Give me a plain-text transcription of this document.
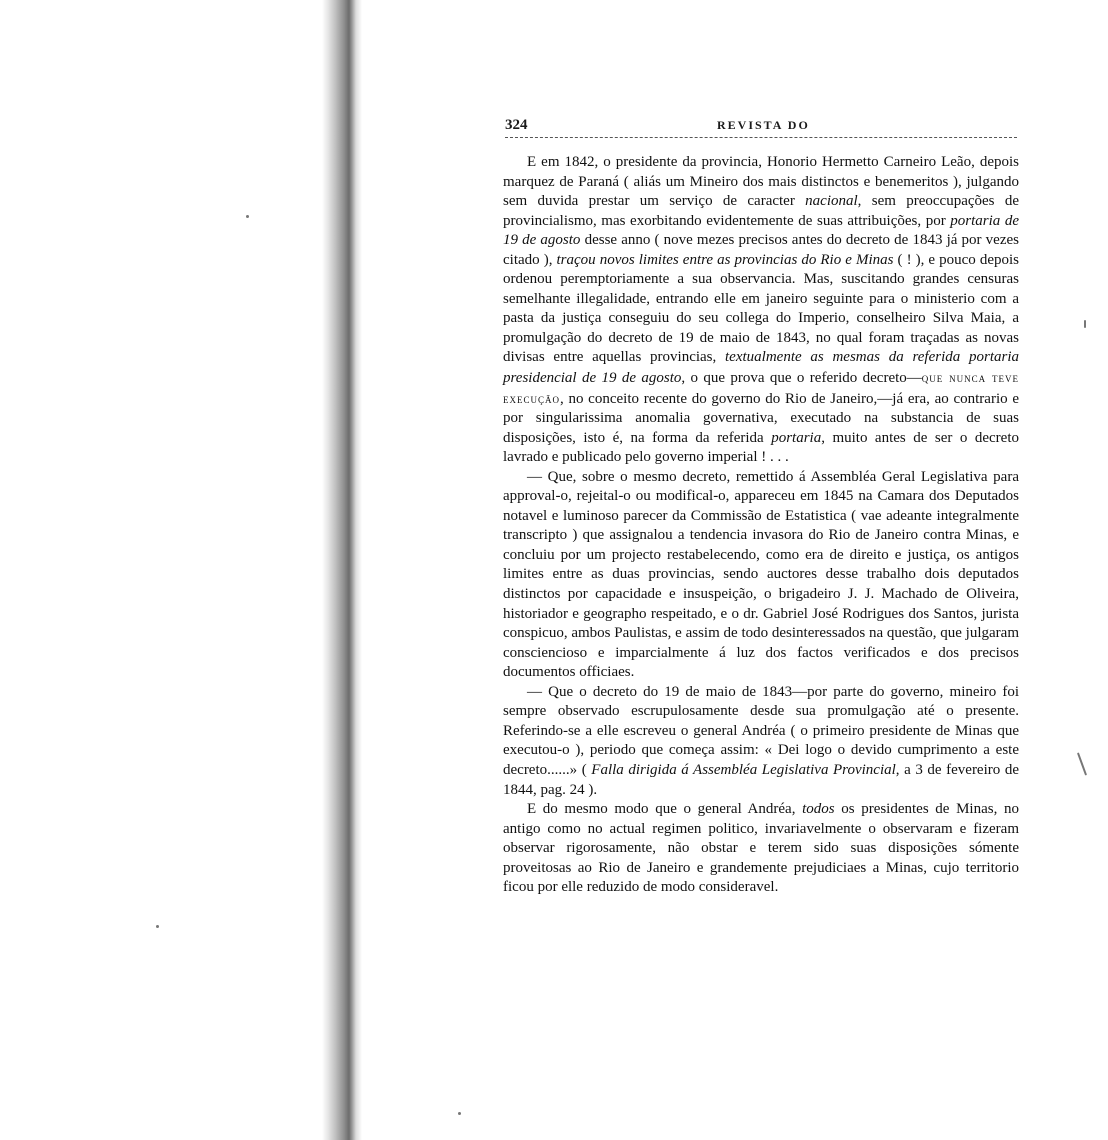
324	REVISTA DO

E em 1842, o presidente da provincia, Honorio Hermetto Carneiro Leão, depois marquez de Paraná ( aliás um Mineiro dos mais distinctos e benemeritos ), julgando sem duvida prestar um serviço de caracter nacional, sem preoccupações de provincialismo, mas exorbitando evidentemente de suas attribuições, por portaria de 19 de agosto desse anno ( nove mezes precisos antes do decreto de 1843 já por vezes citado ), traçou novos limites entre as provincias do Rio e Minas ( ! ), e pouco depois ordenou peremptoriamente a sua observancia. Mas, suscitando grandes censuras semelhante illegalidade, entrando elle em janeiro seguinte para o ministerio com a pasta da justiça conseguiu do seu collega do Imperio, conselheiro Silva Maia, a promulgação do decreto de 19 de maio de 1843, no qual foram traçadas as novas divisas entre aquellas provincias, textualmente as mesmas da referida portaria presidencial de 19 de agosto, o que prova que o referido decreto—que nunca teve execução, no conceito recente do governo do Rio de Janeiro,—já era, ao contrario e por singularissima anomalia governativa, executado na substancia de suas disposições, isto é, na forma da referida portaria, muito antes de ser o decreto lavrado e publicado pelo governo imperial ! . . .

— Que, sobre o mesmo decreto, remettido á Assembléa Geral Legislativa para approval-o, rejeital-o ou modifical-o, appareceu em 1845 na Camara dos Deputados notavel e luminoso parecer da Commissão de Estatistica ( vae adeante integralmente transcripto ) que assignalou a tendencia invasora do Rio de Janeiro contra Minas, e concluiu por um projecto restabelecendo, como era de direito e justiça, os antigos limites entre as duas provincias, sendo auctores desse trabalho dois deputados distinctos por capacidade e insuspeição, o brigadeiro J. J. Machado de Oliveira, historiador e geographo respeitado, e o dr. Gabriel José Rodrigues dos Santos, jurista conspicuo, ambos Paulistas, e assim de todo desinteressados na questão, que julgaram consciencioso e imparcialmente á luz dos factos verificados e dos precisos documentos officiaes.

— Que o decreto do 19 de maio de 1843—por parte do governo, mineiro foi sempre observado escrupulosamente desde sua promulgação até o presente. Referindo-se a elle escreveu o general Andréa ( o primeiro presidente de Minas que executou-o ), periodo que começa assim: « Dei logo o devido cumprimento a este decreto......» ( Falla dirigida á Assembléa Legislativa Provincial, a 3 de fevereiro de 1844, pag. 24 ).

E do mesmo modo que o general Andréa, todos os presidentes de Minas, no antigo como no actual regimen politico, invariavelmente o observaram e fizeram observar rigorosamente, não obstar e terem sido suas disposições sómente proveitosas ao Rio de Janeiro e grandemente prejudiciaes a Minas, cujo territorio ficou por elle reduzido de modo consideravel.
